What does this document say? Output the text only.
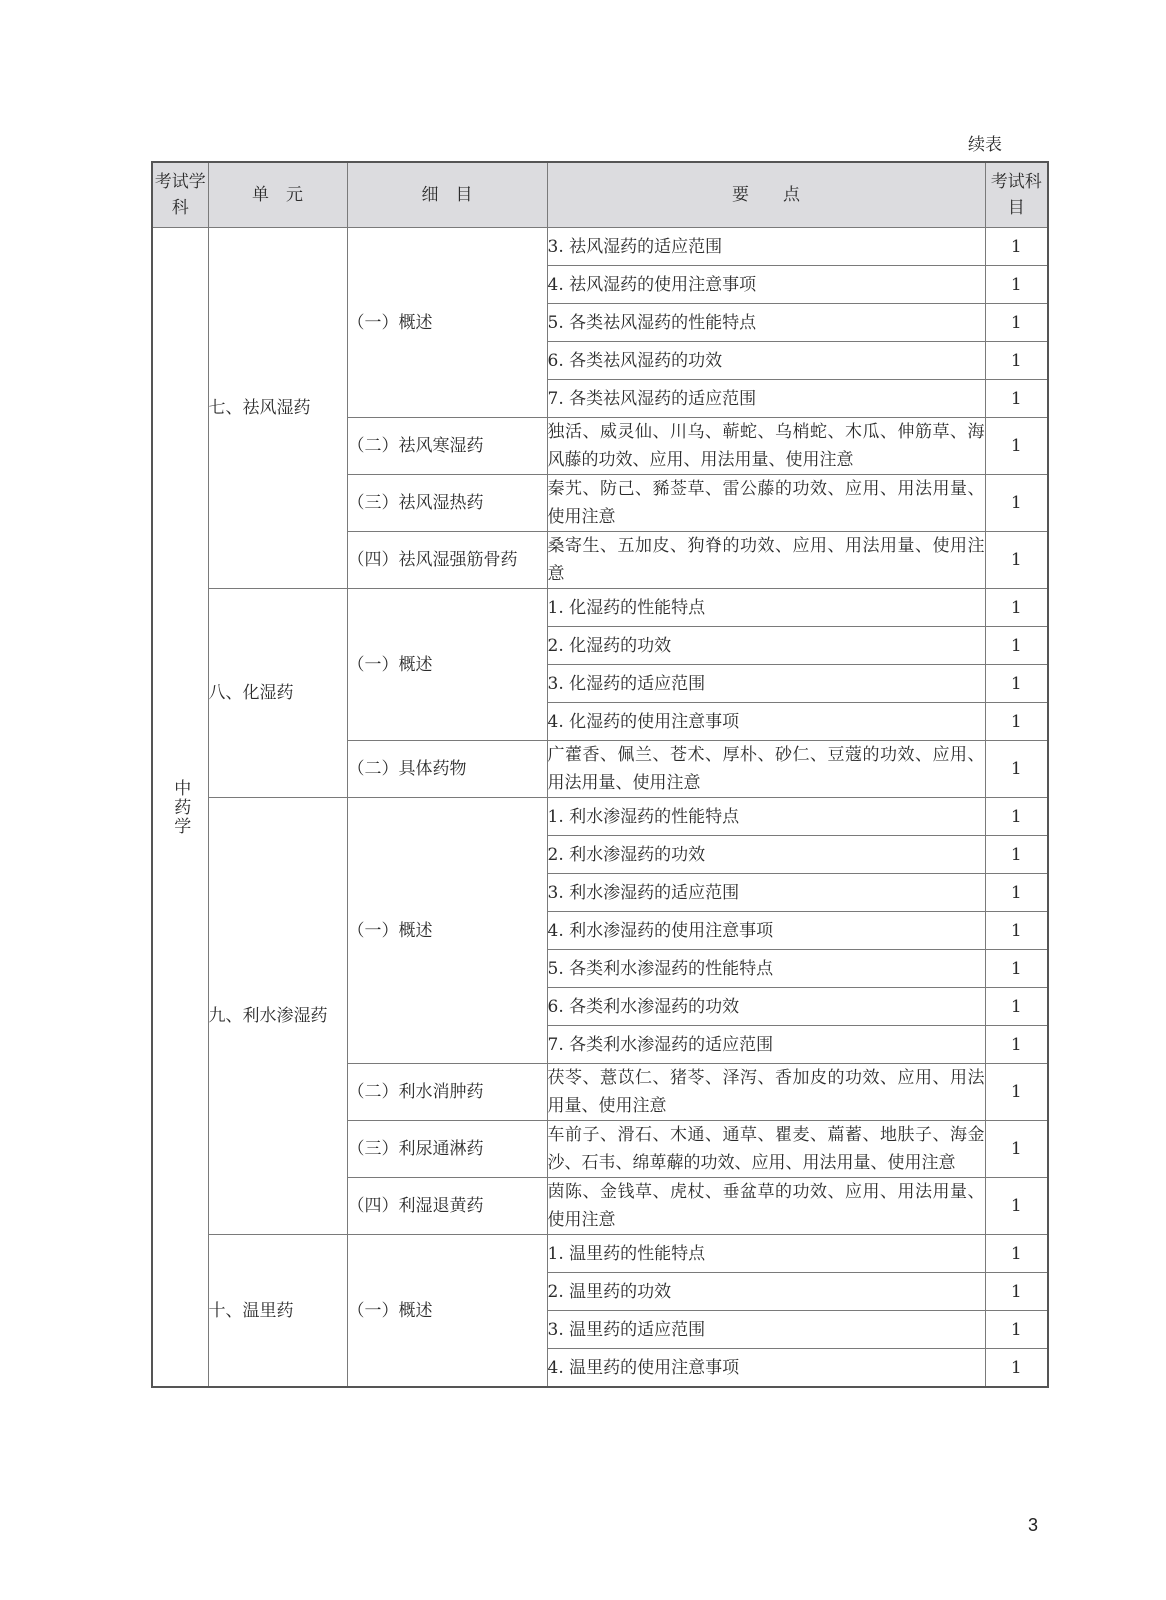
续表
考试学科	单　元	细　目	要　　点	考试科目
中药学	七、祛风湿药	（一）概述	3. 祛风湿药的适应范围	1
			4. 祛风湿药的使用注意事项	1
			5. 各类祛风湿药的性能特点	1
			6. 各类祛风湿药的功效	1
			7. 各类祛风湿药的适应范围	1
		（二）祛风寒湿药	独活、威灵仙、川乌、蕲蛇、乌梢蛇、木瓜、伸筋草、海风藤的功效、应用、用法用量、使用注意	1
		（三）祛风湿热药	秦艽、防己、豨莶草、雷公藤的功效、应用、用法用量、使用注意	1
		（四）祛风湿强筋骨药	桑寄生、五加皮、狗脊的功效、应用、用法用量、使用注意	1
	八、化湿药	（一）概述	1. 化湿药的性能特点	1
			2. 化湿药的功效	1
			3. 化湿药的适应范围	1
			4. 化湿药的使用注意事项	1
		（二）具体药物	广藿香、佩兰、苍术、厚朴、砂仁、豆蔻的功效、应用、用法用量、使用注意	1
	九、利水渗湿药	（一）概述	1. 利水渗湿药的性能特点	1
			2. 利水渗湿药的功效	1
			3. 利水渗湿药的适应范围	1
			4. 利水渗湿药的使用注意事项	1
			5. 各类利水渗湿药的性能特点	1
			6. 各类利水渗湿药的功效	1
			7. 各类利水渗湿药的适应范围	1
		（二）利水消肿药	茯苓、薏苡仁、猪苓、泽泻、香加皮的功效、应用、用法用量、使用注意	1
		（三）利尿通淋药	车前子、滑石、木通、通草、瞿麦、萹蓄、地肤子、海金沙、石韦、绵萆薢的功效、应用、用法用量、使用注意	1
		（四）利湿退黄药	茵陈、金钱草、虎杖、垂盆草的功效、应用、用法用量、使用注意	1
	十、温里药	（一）概述	1. 温里药的性能特点	1
			2. 温里药的功效	1
			3. 温里药的适应范围	1
			4. 温里药的使用注意事项	1
3
